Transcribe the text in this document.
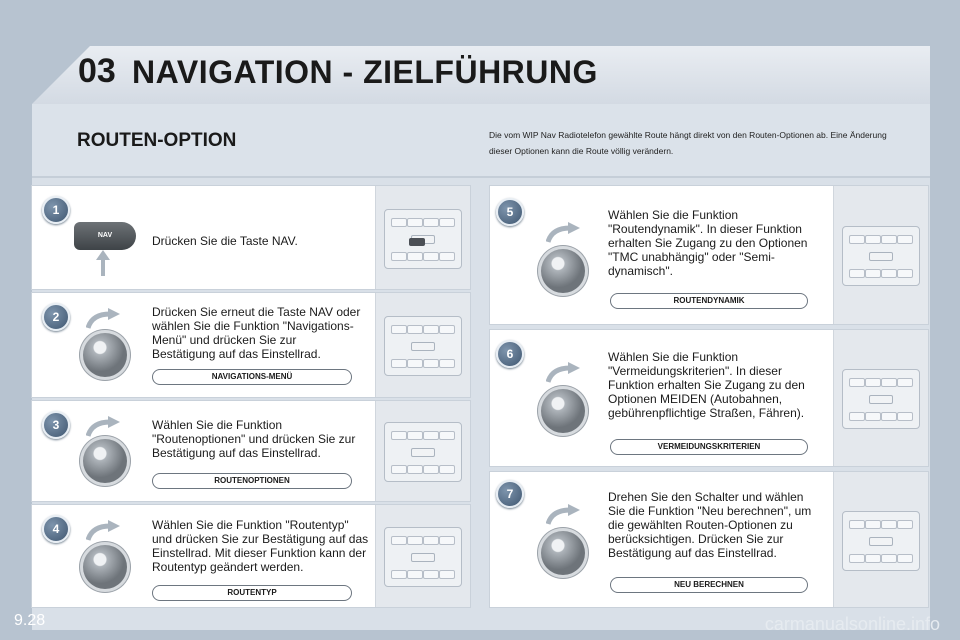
03 NAVIGATION - ZIELFÜHRUNG
ROUTEN-OPTION	Die vom WIP Nav Radiotelefon gewählte Route hängt direkt von den Routen-Optionen ab. Eine Änderung dieser Optionen kann die Route völlig verändern.
1
NAV	Drücken Sie die Taste NAV.
2	Drücken Sie erneut die Taste NAV oder wählen Sie die Funktion "Navigations-Menü" und drücken Sie zur Bestätigung auf das Einstellrad.
NAVIGATIONS-MENÜ
3	Wählen Sie die Funktion "Routenoptionen" und drücken Sie zur Bestätigung auf das Einstellrad.
ROUTENOPTIONEN
4	Wählen Sie die Funktion "Routentyp" und drücken Sie zur Bestätigung auf das Einstellrad. Mit dieser Funktion kann der Routentyp geändert werden.
ROUTENTYP
5	Wählen Sie die Funktion "Routendynamik". In dieser Funktion erhalten Sie Zugang zu den Optionen "TMC unabhängig" oder "Semi-dynamisch".
ROUTENDYNAMIK
6	Wählen Sie die Funktion "Vermeidungskriterien". In dieser Funktion erhalten Sie Zugang zu den Optionen MEIDEN (Autobahnen, gebührenpflichtige Straßen, Fähren).
VERMEIDUNGSKRITERIEN
7	Drehen Sie den Schalter und wählen Sie die Funktion "Neu berechnen", um die gewählten Routen-Optionen zu berücksichtigen. Drücken Sie zur Bestätigung auf das Einstellrad.
NEU BERECHNEN
9.28	carmanualsonline.info
